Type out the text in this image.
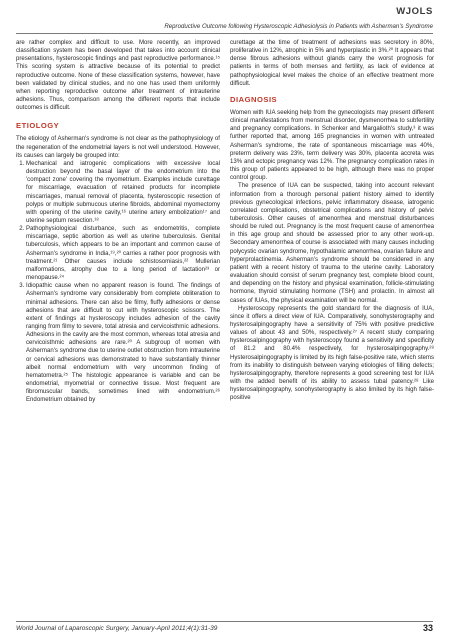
WJOLS
Reproductive Outcome following Hysteroscopic Adhesiolysis in Patients with Asherman's Syndrome

are rather complex and difficult to use. More recently, an improved classification system has been developed that takes into account clinical presentations, hysteroscopic findings and past reproductive performance.¹⁵ This scoring system is attractive because of its potential to predict reproductive outcome. None of these classification systems, however, have been validated by clinical studies, and no one has used them uniformly when reporting reproductive outcome after treatment of intrauterine adhesions. Thus, comparison among the different reports that include outcomes is difficult.

ETIOLOGY

The etiology of Asherman's syndrome is not clear as the pathophysiology of the regeneration of the endometrial layers is not well understood. However, its causes can largely be grouped into:

1. Mechanical and iatrogenic complications with excessive local destruction beyond the basal layer of the endometrium into the 'compact zone' covering the myometrium. Examples include curettage for miscarriage, evacuation of retained products for incomplete miscarriages, manual removal of placenta, hysteroscopic resection of polyps or multiple submucous uterine fibroids, abdominal myomectomy with opening of the uterine cavity,¹⁶ uterine artery embolization¹⁷ and uterine septum resection.¹⁸
2. Pathophysiological disturbance, such as endometritis, complete miscarriage, septic abortion as well as uterine tuberculosis. Genital tuberculosis, which appears to be an important and common cause of Asherman's syndrome in India,¹⁹,²⁰ carries a rather poor prognosis with treatment.²¹ Other causes include schistosomiasis,²² Mullerian malformations, atrophy due to a long period of lactation²³ or menopause.²⁴
3. Idiopathic cause when no apparent reason is found. The findings of Asherman's syndrome vary considerably from complete obliteration to minimal adhesions. There can also be filmy, fluffy adhesions or dense adhesions that are difficult to cut with hysteroscopic scissors. The extent of findings at hysteroscopy includes adhesion of the cavity ranging from filmy to severe, total atresia and cervicoisthmic adhesions. Adhesions in the cavity are the most common, whereas total atresia and cervicoisthmic adhesions are rare.²⁰ A subgroup of women with Asherman's syndrome due to uterine outlet obstruction from intrauterine or cervical adhesions was demonstrated to have substantially thinner albeit normal endometrium with very uncommon finding of hematometra.²⁵ The histologic appearance is variable and can be endometrial, myometrial or connective tissue. Most frequent are fibromuscular bands, sometimes lined with endometrium.²⁶ Endometrium obtained by

curettage at the time of treatment of adhesions was secretory in 80%, proliferative in 12%, atrophic in 5% and hyperplastic in 3%.²⁰ It appears that dense fibrous adhesions without glands carry the worst prognosis for patients in terms of both menses and fertility, as lack of evidence at pathophysiological level makes the choice of an effective treatment more difficult.

DIAGNOSIS

Women with IUA seeking help from the gynecologists may present different clinical manifestations from menstrual disorder, dysmenorrhea to subfertility and pregnancy complications. In Schenker and Margalioth's study,³ it was further reported that, among 165 pregnancies in women with untreated Asherman's syndrome, the rate of spontaneous miscarriage was 40%, preterm delivery was 23%, term delivery was 30%, placenta accreta was 13% and ectopic pregnancy was 12%. The pregnancy complication rates in this group of patients appeared to be high, although there was no proper control group.

The presence of IUA can be suspected, taking into account relevant information from a thorough personal patient history aimed to identify previous gynecological infections, pelvic inflammatory disease, iatrogenic correlated complications, obstetrical complications and history of pelvic tuberculosis. Other causes of amenorrhea and menstrual disturbances should be ruled out. Pregnancy is the most frequent cause of amenorrhea in this age group and should be assessed prior to any other work-up. Secondary amenorrhea of course is associated with many causes including polycystic ovarian syndrome, hypothalamic amenorrhea, ovarian failure and hyperprolactinemia. Asherman's syndrome should be considered in any patient with a recent history of trauma to the uterine cavity. Laboratory evaluation should consist of serum pregnancy test, complete blood count, and depending on the history and physical examination, follicle-stimulating hormone, thyroid stimulating hormone (TSH) and prolactin. In almost all cases of IUAs, the physical examination will be normal.

Hysteroscopy represents the gold standard for the diagnosis of IUA, since it offers a direct view of IUA. Comparatively, sonohysterography and hysterosalpingography have a sensitivity of 75% with positive predictive values of about 43 and 50%, respectively.²⁷ A recent study comparing hysterosalpingography with hysteroscopy found a sensitivity and specificity of 81.2 and 80.4% respectively, for hysterosalpingography.²⁸ Hysterosalpingography is limited by its high false-positive rate, which stems from its inability to distinguish between varying etiologies of filling defects; hysterosalpingography, therefore represents a good screening test for IUA with the added benefit of its ability to assess tubal patency.²⁸ Like hysterosalpingography, sonohysterography is also limited by its high false-positive

World Journal of Laparoscopic Surgery, January-April 2011;4(1):31-39	33
